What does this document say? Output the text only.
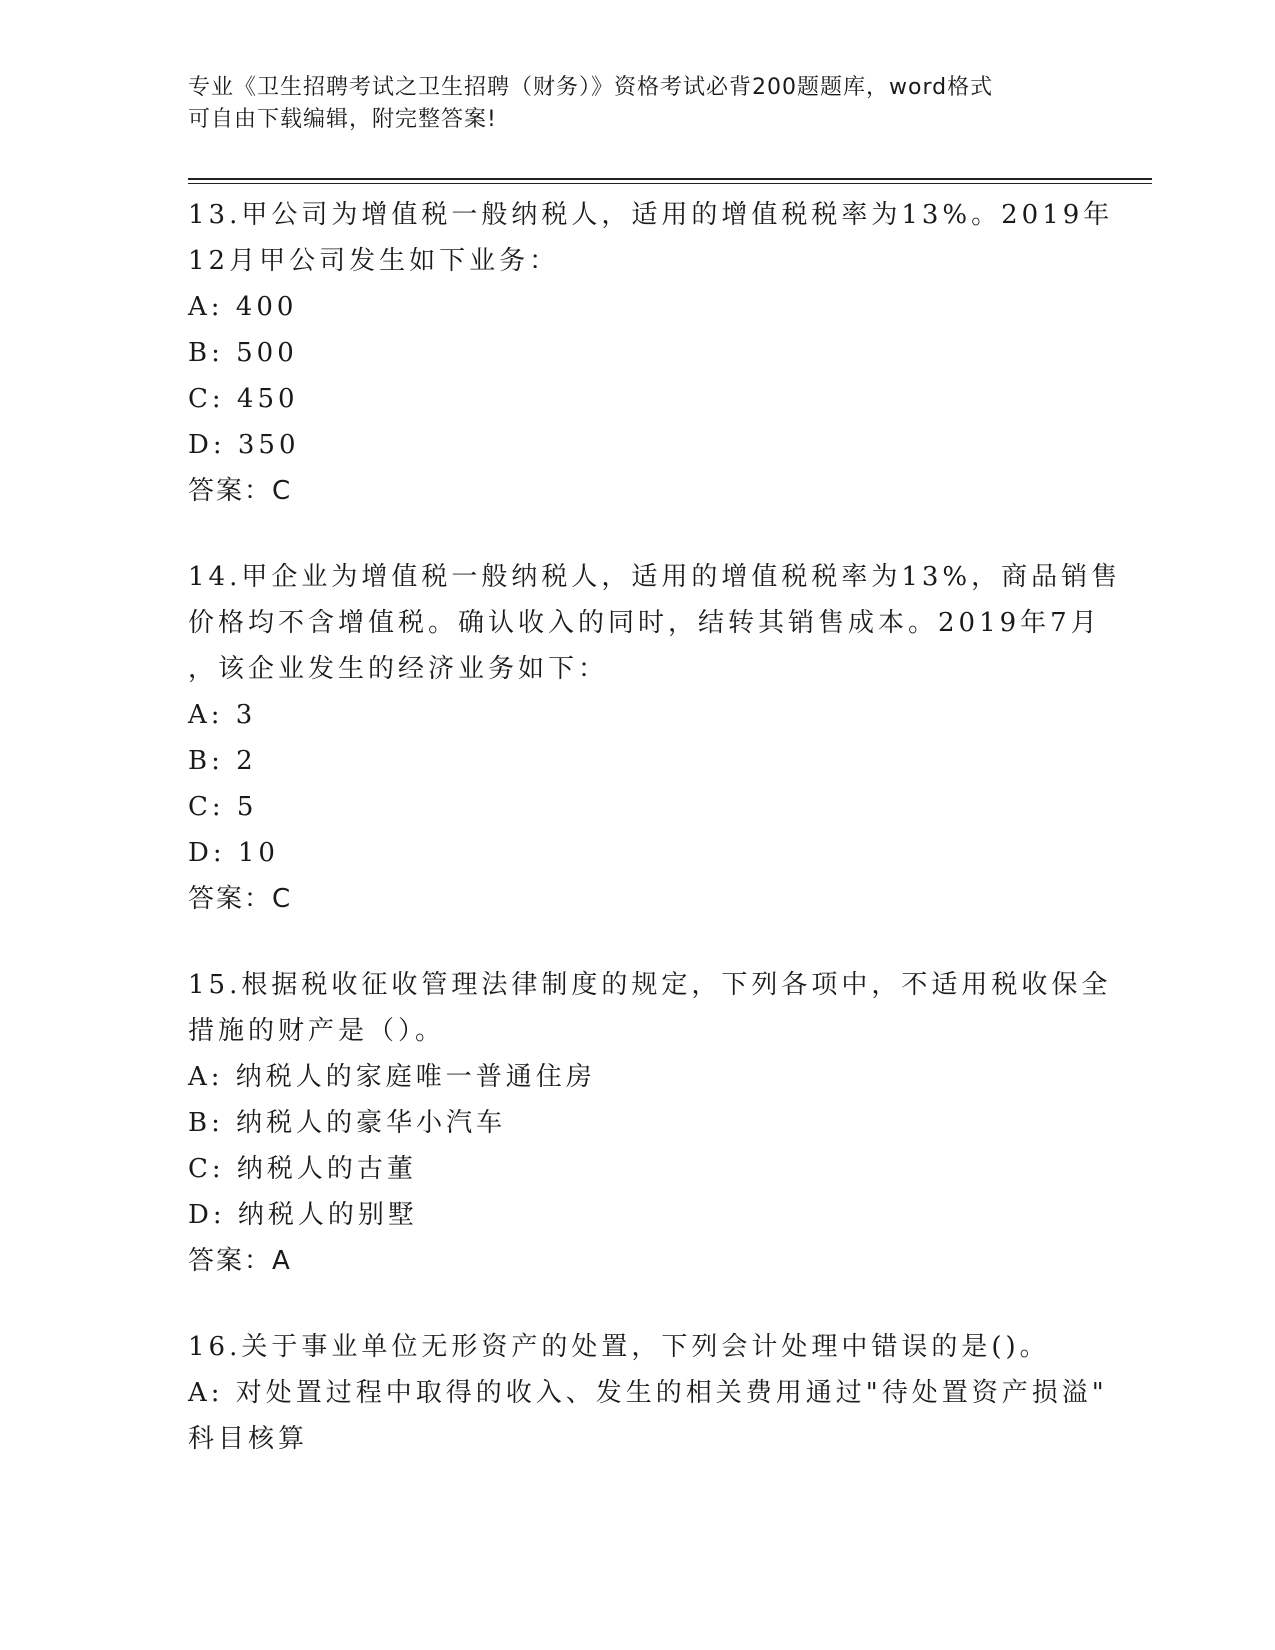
专业《卫生招聘考试之卫生招聘（财务）》资格考试必背200题题库，word格式
可自由下载编辑，附完整答案!
13.甲公司为增值税一般纳税人，适用的增值税税率为13%。2019年
12月甲公司发生如下业务：
A: 400
B: 500
C: 450
D: 350
答案：C
14.甲企业为增值税一般纳税人，适用的增值税税率为13%，商品销售
价格均不含增值税。确认收入的同时，结转其销售成本。2019年7月
，该企业发生的经济业务如下：
A: 3
B: 2
C: 5
D: 10
答案：C
15.根据税收征收管理法律制度的规定，下列各项中，不适用税收保全
措施的财产是（）。
A: 纳税人的家庭唯一普通住房
B: 纳税人的豪华小汽车
C: 纳税人的古董
D: 纳税人的别墅
答案：A
16.关于事业单位无形资产的处置，下列会计处理中错误的是()。
A: 对处置过程中取得的收入、发生的相关费用通过"待处置资产损溢"
科目核算
